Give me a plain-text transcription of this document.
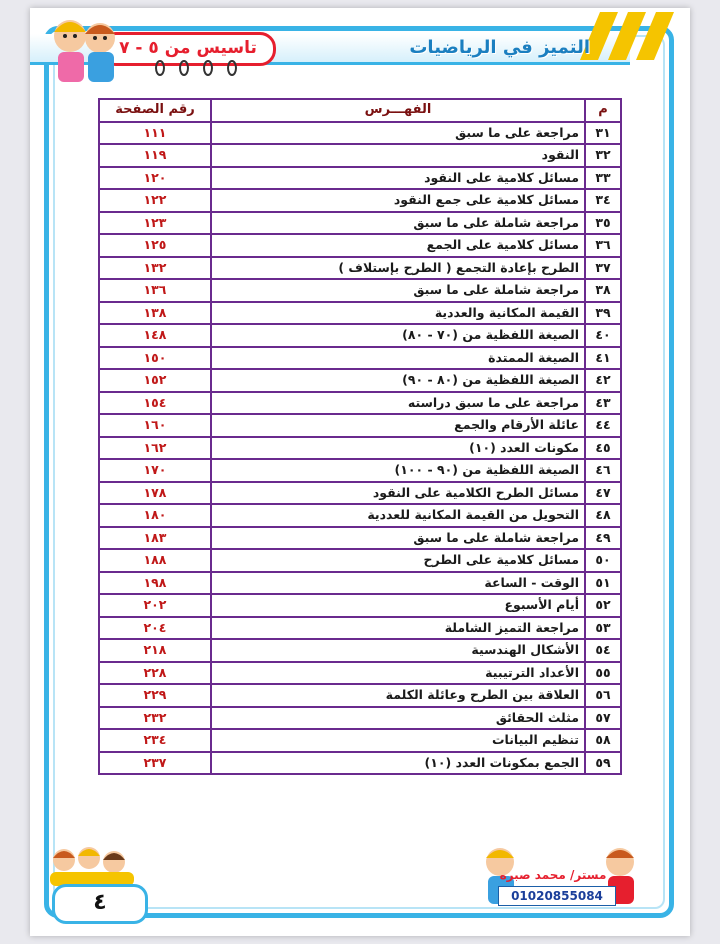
التميز في الرياضيات
تاسيس من ٥ - ٧
م	الفهـــرس	رقم الصفحة
٣١	مراجعة على ما سبق	١١١
٣٢	النقود	١١٩
٣٣	مسائل كلامية على النقود	١٢٠
٣٤	مسائل كلامية على جمع النقود	١٢٢
٣٥	مراجعة شاملة على ما سبق	١٢٣
٣٦	مسائل كلامية على الجمع	١٢٥
٣٧	الطرح بإعادة التجمع ( الطرح بإستلاف )	١٣٢
٣٨	مراجعة شاملة على ما سبق	١٣٦
٣٩	القيمة المكانية والعددية	١٣٨
٤٠	الصيغة اللفظية من (٧٠ - ٨٠)	١٤٨
٤١	الصيغة الممتدة	١٥٠
٤٢	الصيغة اللفظية من (٨٠ - ٩٠)	١٥٢
٤٣	مراجعة على ما سبق دراسته	١٥٤
٤٤	عائلة الأرقام والجمع	١٦٠
٤٥	مكونات العدد (١٠)	١٦٢
٤٦	الصيغة اللفظية من (٩٠ - ١٠٠)	١٧٠
٤٧	مسائل الطرح الكلامية على النقود	١٧٨
٤٨	التحويل من القيمة المكانية للعددية	١٨٠
٤٩	مراجعة شاملة على ما سبق	١٨٣
٥٠	مسائل كلامية على الطرح	١٨٨
٥١	الوقت - الساعة	١٩٨
٥٢	أيام الأسبوع	٢٠٢
٥٣	مراجعة التميز الشاملة	٢٠٤
٥٤	الأشكال الهندسية	٢١٨
٥٥	الأعداد الترتيبية	٢٢٨
٥٦	العلاقة بين الطرح وعائلة الكلمة	٢٢٩
٥٧	مثلث الحقائق	٢٣٢
٥٨	تنظيم البيانات	٢٣٤
٥٩	الجمع بمكونات العدد (١٠)	٢٣٧
٤
مستر/ محمد صبره
01020855084
